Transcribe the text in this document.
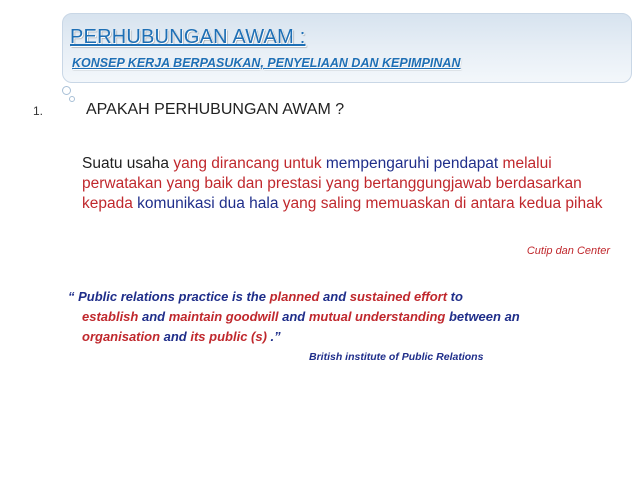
PERHUBUNGAN AWAM :
KONSEP KERJA BERPASUKAN, PENYELIAAN DAN KEPIMPINAN
1.	APAKAH PERHUBUNGAN AWAM ?
Suatu usaha yang dirancang untuk mempengaruhi pendapat melalui perwatakan yang baik dan prestasi yang bertanggungjawab berdasarkan kepada komunikasi dua hala yang saling memuaskan di antara kedua pihak
Cutip dan Center
“ Public relations practice is the planned and sustained effort to
establish and maintain goodwill and mutual understanding between an
organisation and its public (s) .”
British institute of Public Relations
